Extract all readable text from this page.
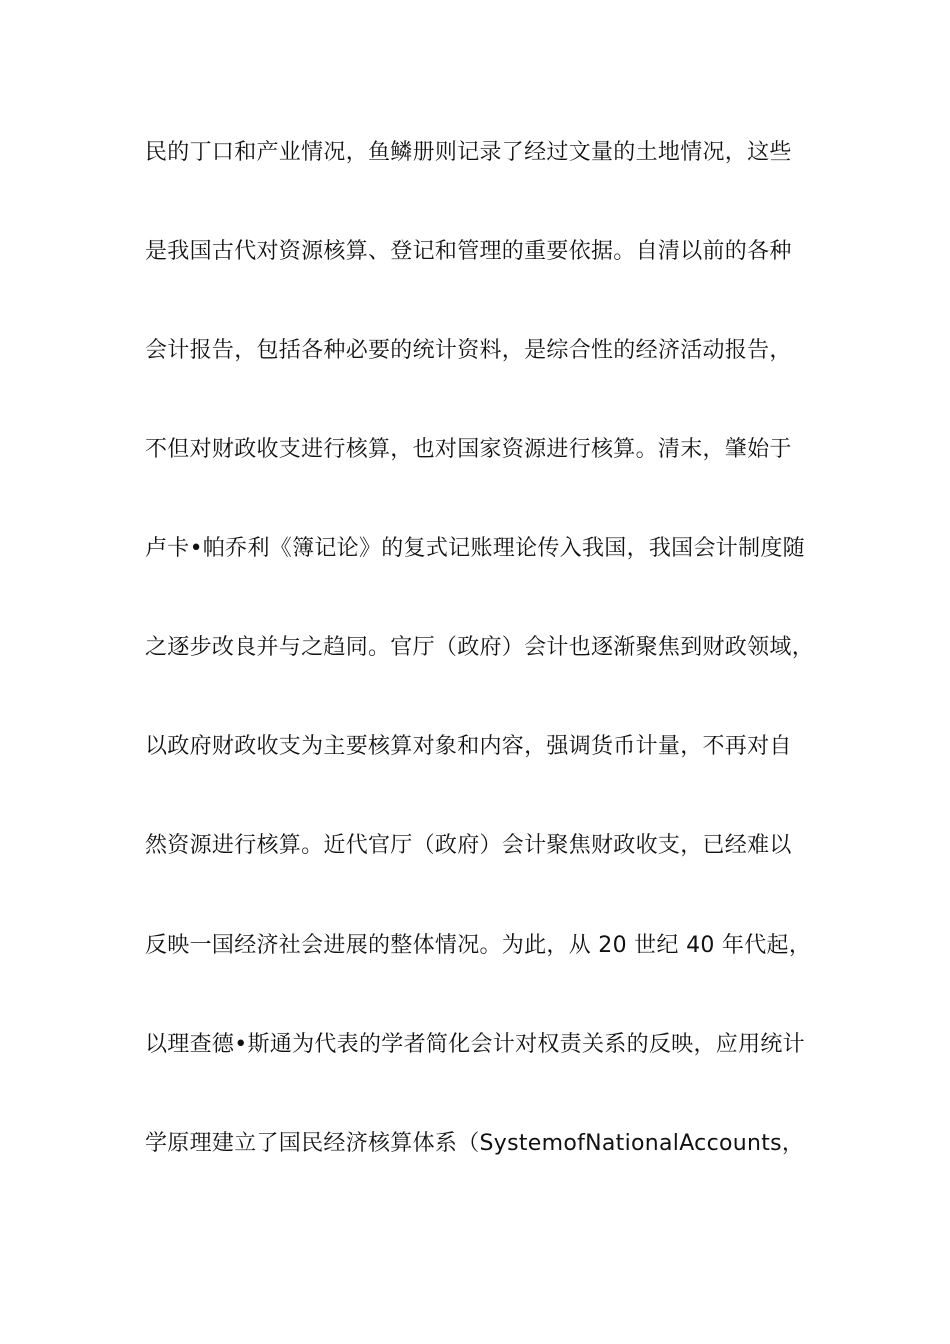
民的丁口和产业情况，鱼鳞册则记录了经过文量的土地情况，这些
是我国古代对资源核算、登记和管理的重要依据。自清以前的各种
会计报告，包括各种必要的统计资料，是综合性的经济活动报告，
不但对财政收支进行核算，也对国家资源进行核算。清末，肇始于
卢卡•帕乔利《簿记论》的复式记账理论传入我国，我国会计制度随
之逐步改良并与之趋同。官厅（政府）会计也逐渐聚焦到财政领域，
以政府财政收支为主要核算对象和内容，强调货币计量，不再对自
然资源进行核算。近代官厅（政府）会计聚焦财政收支，已经难以
反映一国经济社会进展的整体情况。为此，从 20 世纪 40 年代起，
以理查德•斯通为代表的学者简化会计对权责关系的反映，应用统计
学原理建立了国民经济核算体系（SystemofNationalAccounts，
